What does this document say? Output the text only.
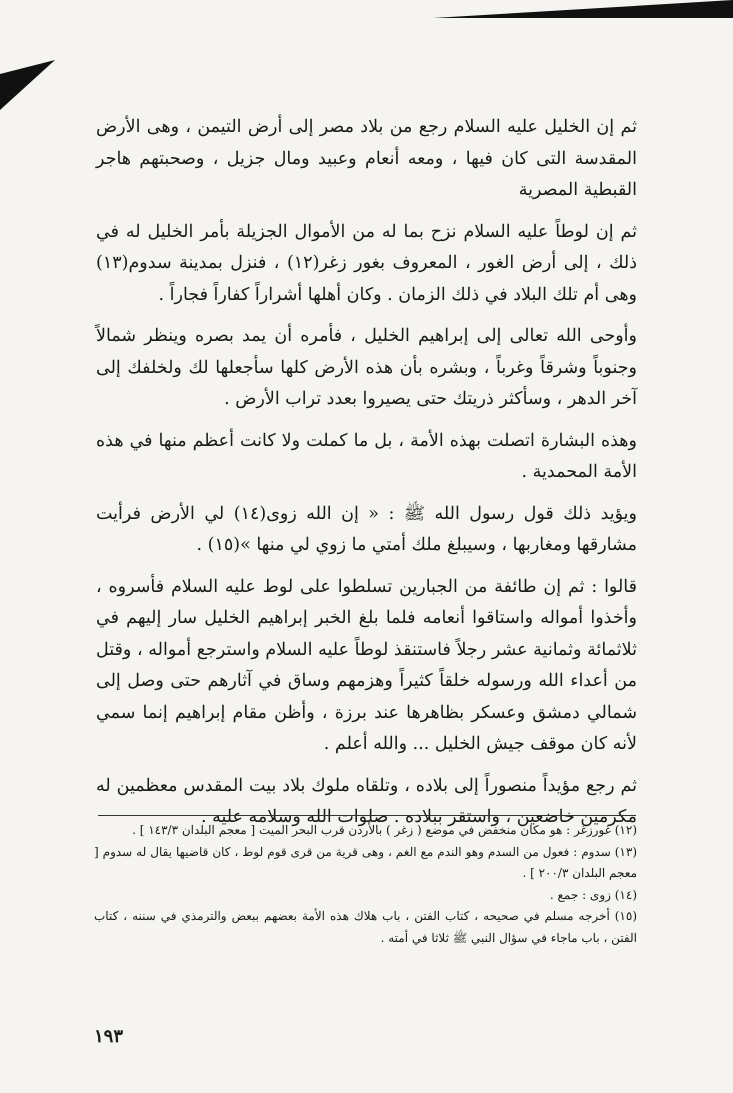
ثم إن الخليل عليه السلام رجع من بلاد مصر إلى أرض التيمن ، وهى الأرض المقدسة التى كان فيها ، ومعه أنعام وعبيد ومال جزيل ، وصحبتهم هاجر القبطية المصرية

ثم إن لوطاً عليه السلام نزح بما له من الأموال الجزيلة بأمر الخليل له في ذلك ، إلى أرض الغور ، المعروف بغور زغر(١٢) ، فنزل بمدينة سدوم(١٣) وهى أم تلك البلاد في ذلك الزمان . وكان أهلها أشراراً كفاراً فجاراً .

وأوحى الله تعالى إلى إبراهيم الخليل ، فأمره أن يمد بصره وينظر شمالاً وجنوباً وشرقاً وغرباً ، وبشره بأن هذه الأرض كلها سأجعلها لك ولخلفك إلى آخر الدهر ، وسأكثر ذريتك حتى يصيروا بعدد تراب الأرض .

وهذه البشارة اتصلت بهذه الأمة ، بل ما كملت ولا كانت أعظم منها في هذه الأمة المحمدية .

ويؤيد ذلك قول رسول الله ﷺ : « إن الله زوى(١٤) لي الأرض فرأيت مشارقها ومغاربها ، وسيبلغ ملك أمتي ما زوي لي منها »(١٥) .

قالوا : ثم إن طائفة من الجبارين تسلطوا على لوط عليه السلام فأسروه ، وأخذوا أمواله واستاقوا أنعامه فلما بلغ الخبر إبراهيم الخليل سار إليهم في ثلاثمائة وثمانية عشر رجلاً فاستنقذ لوطاً عليه السلام واسترجع أمواله ، وقتل من أعداء الله ورسوله خلقاً كثيراً وهزمهم وساق في آثارهم حتى وصل إلى شمالي دمشق وعسكر بظاهرها عند برزة ، وأظن مقام إبراهيم إنما سمي لأنه كان موقف جيش الخليل ... والله أعلم .

ثم رجع مؤيداً منصوراً إلى بلاده ، وتلقاه ملوك بلاد بيت المقدس معظمين له مكرمين خاضعين ، واستقر ببلاده . صلوات الله وسلامه عليه .

(١٢) غورزغر : هو مكان منخفض في موضع ( زغر ) بالأردن قرب البحر الميت [ معجم البلدان ١٤٣/٣ ] .

(١٣) سدوم : فعول من السدم وهو الندم مع الغم ، وهى قرية من قرى قوم لوط ، كان قاضيها يقال له سدوم [ معجم البلدان ٢٠٠/٣ ] .

(١٤) زوى : جمع .

(١٥) أخرجه مسلم في صحيحه ، كتاب الفتن ، باب هلاك هذه الأمة بعضهم ببعض والترمذي في سننه ، كتاب الفتن ، باب ماجاء في سؤال النبي ﷺ ثلاثا في أمته .

١٩٣
